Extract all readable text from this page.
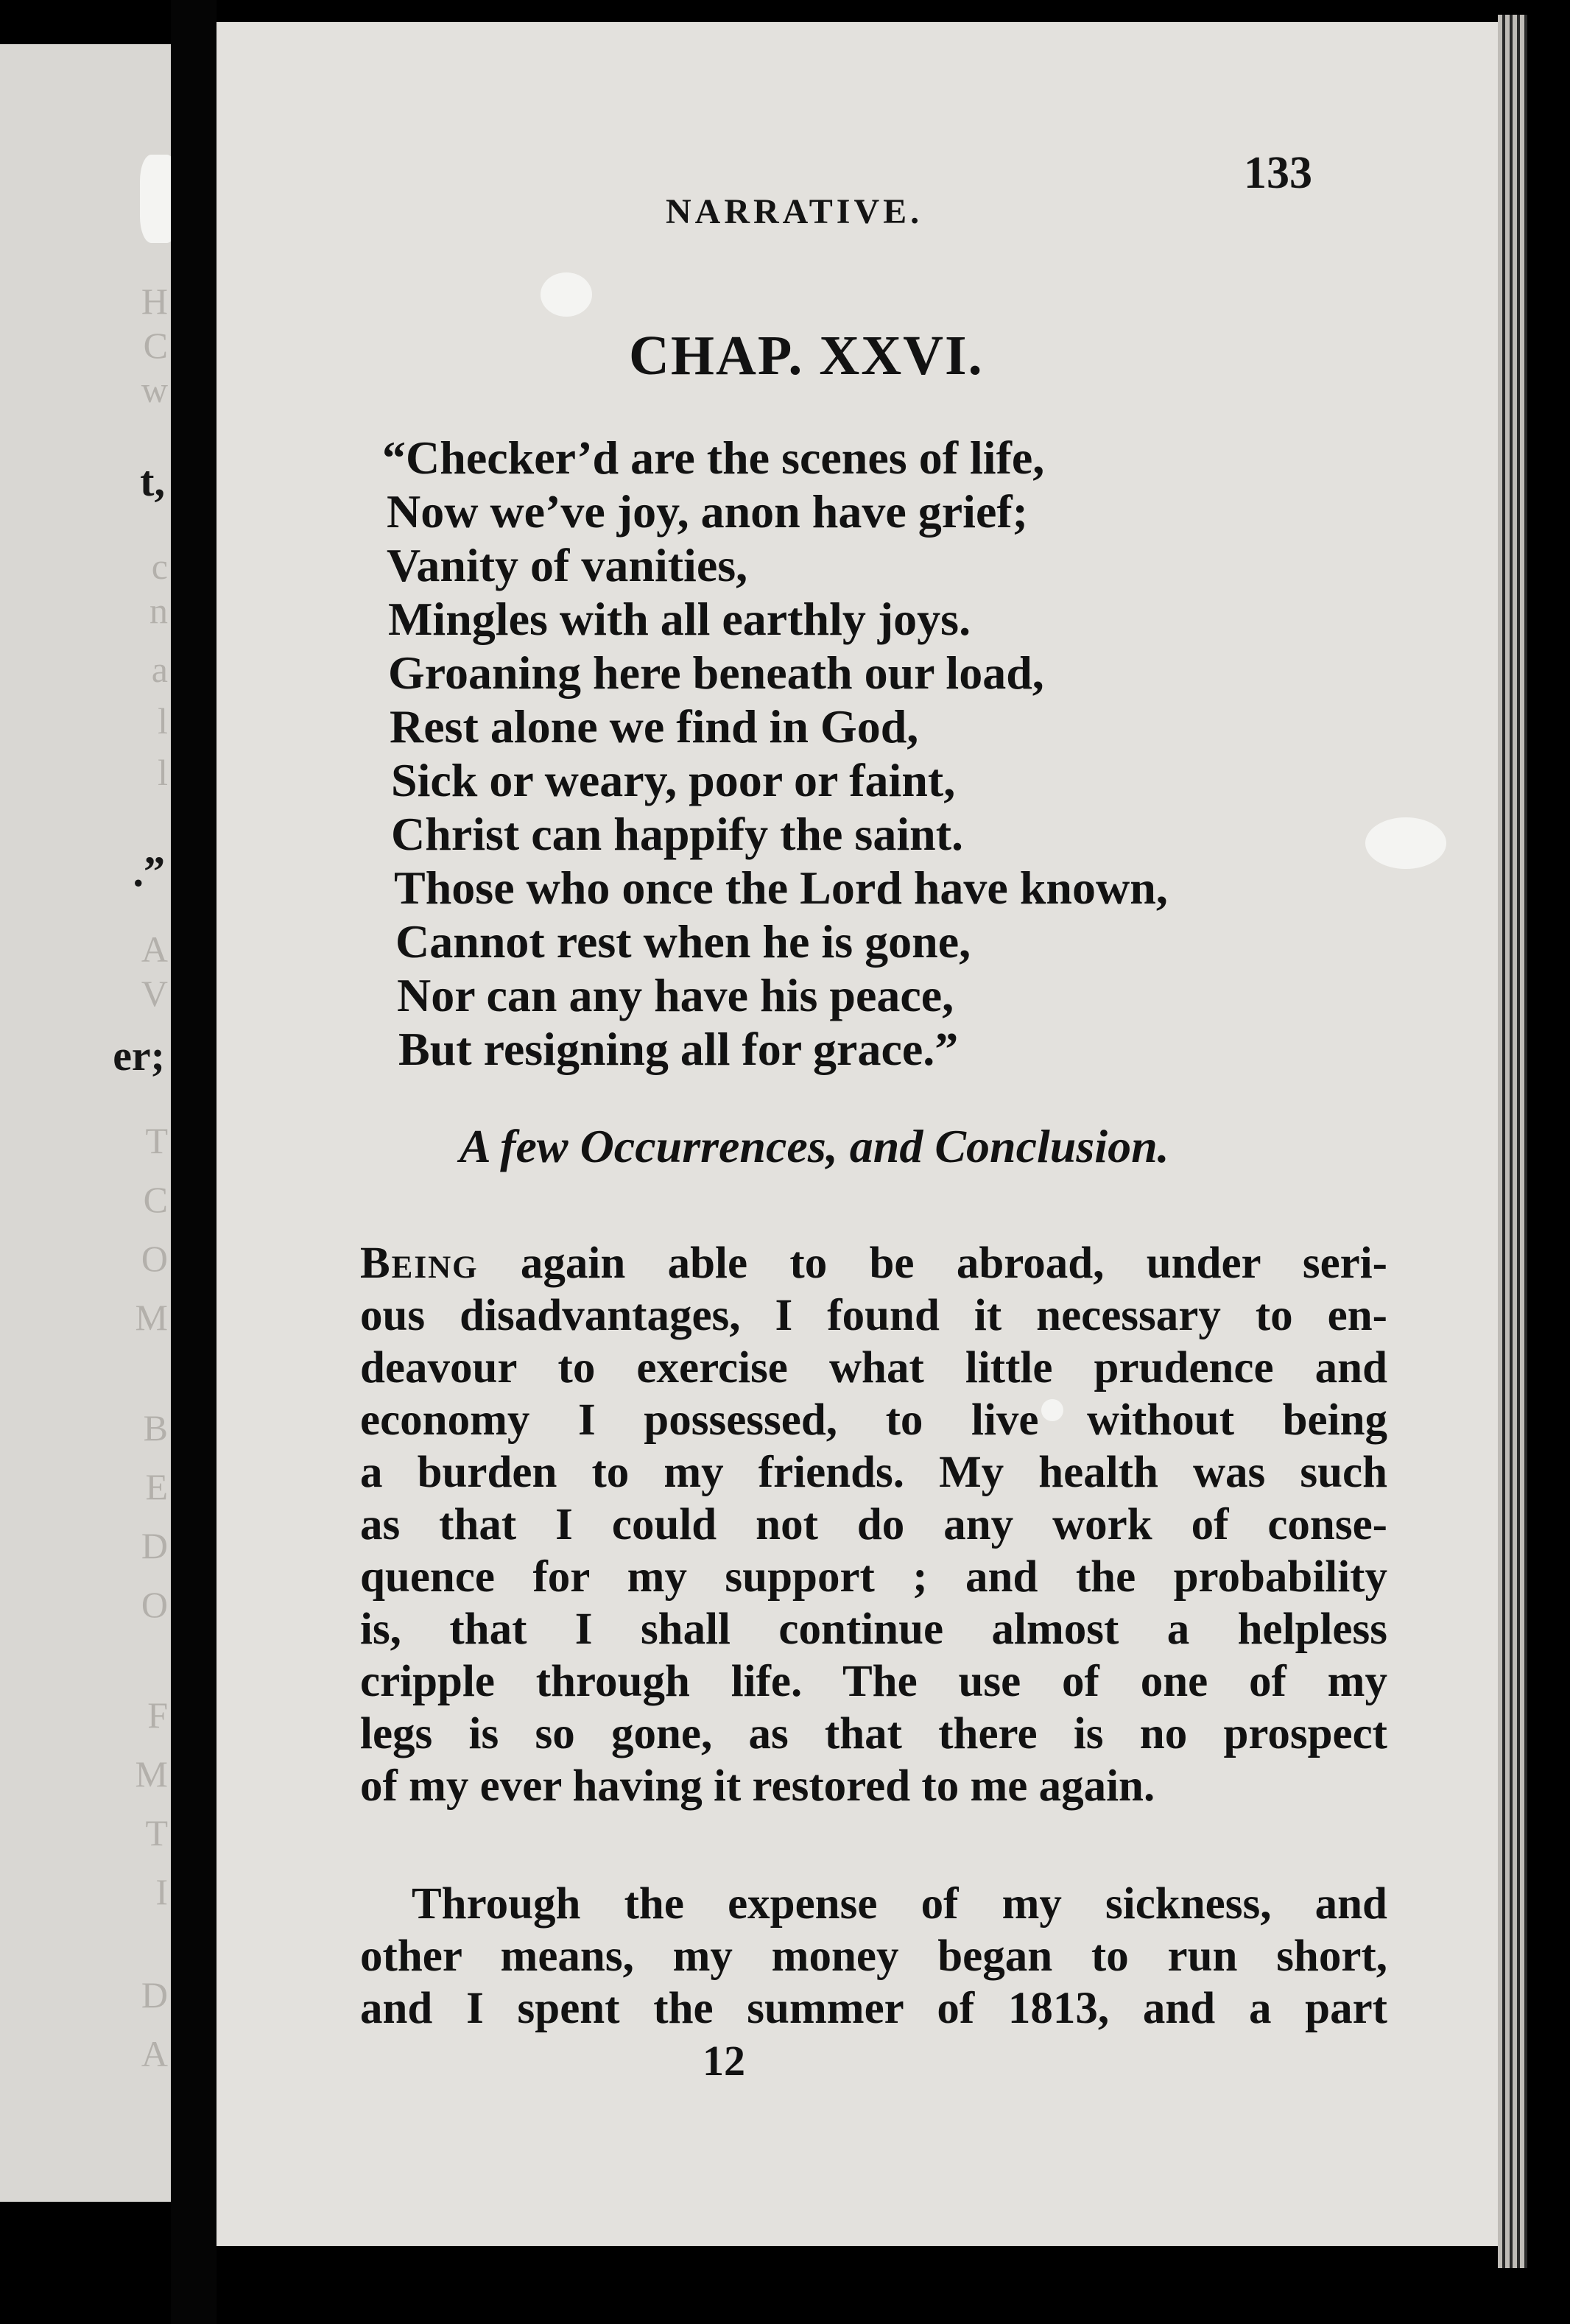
H
C
w
t,
c
n
a
l
l
.”
A
V
er;
T
C
O
M
B
E
D
O
F
M
T
I
D
A
NARRATIVE.
133
CHAP. XXVI.
“Checker’d are the scenes of life,
Now we’ve joy, anon have grief;
Vanity of vanities,
Mingles with all earthly joys.
Groaning here beneath our load,
Rest alone we find in God,
Sick or weary, poor or faint,
Christ can happify the saint.
Those who once the Lord have known,
Cannot rest when he is gone,
Nor can any have his peace,
But resigning all for grace.”
A few Occurrences, and Conclusion.
Being again able to be abroad, under seri-
ous disadvantages, I found it necessary to en-
deavour to exercise what little prudence and
economy I possessed, to live without being
a burden to my friends. My health was such
as that I could not do any work of conse-
quence for my support ; and the probability
is, that I shall continue almost a helpless
cripple through life. The use of one of my
legs is so gone, as that there is no prospect
of my ever having it restored to me again.
Through the expense of my sickness, and
other means, my money began to run short,
and I spent the summer of 1813, and a part
12
